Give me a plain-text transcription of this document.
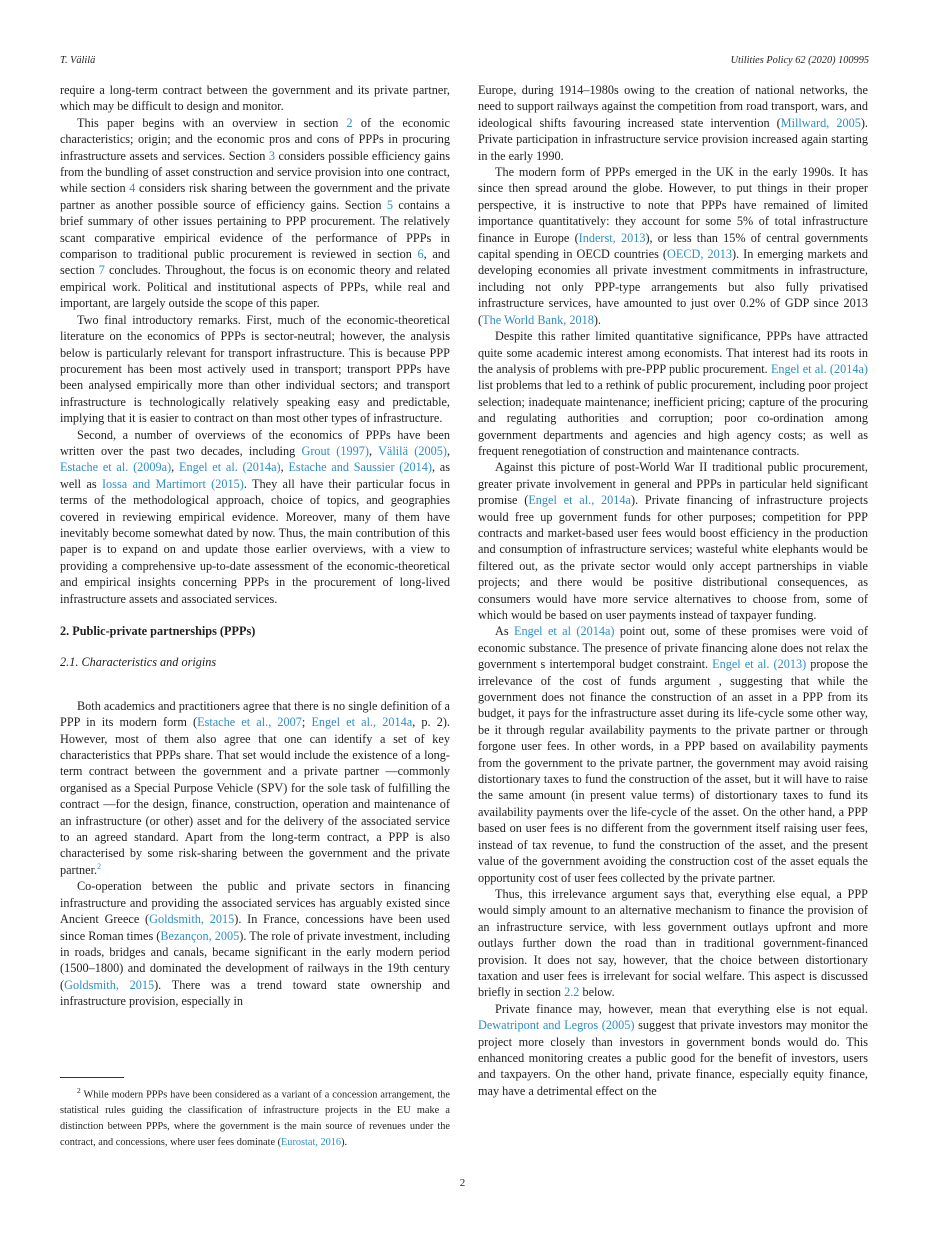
T. Välilä	Utilities Policy 62 (2020) 100995

require a long-term contract between the government and its private partner, which may be difficult to design and monitor.

This paper begins with an overview in section 2 of the economic characteristics; origin; and the economic pros and cons of PPPs in procuring infrastructure assets and services. Section 3 considers possible efficiency gains from the bundling of asset construction and service provision into one contract, while section 4 considers risk sharing between the government and the private partner as another possible source of efficiency gains. Section 5 contains a brief summary of other issues pertaining to PPP procurement. The relatively scant comparative empirical evidence of the performance of PPPs in comparison to traditional public procurement is reviewed in section 6, and section 7 concludes. Throughout, the focus is on economic theory and related empirical work. Political and institutional aspects of PPPs, while real and important, are largely outside the scope of this paper.

Two final introductory remarks. First, much of the economic-theoretical literature on the economics of PPPs is sector-neutral; however, the analysis below is particularly relevant for transport infrastructure. This is because PPP procurement has been most actively used in transport; transport PPPs have been analysed empirically more than other individual sectors; and transport infrastructure is technologically relatively speaking easy and predictable, implying that it is easier to contract on than most other types of infrastructure.

Second, a number of overviews of the economics of PPPs have been written over the past two decades, including Grout (1997), Välilä (2005), Estache et al. (2009a), Engel et al. (2014a), Estache and Saussier (2014), as well as Iossa and Martimort (2015). They all have their particular focus in terms of the methodological approach, choice of topics, and geographies covered in reviewing empirical evidence. Moreover, many of them have inevitably become somewhat dated by now. Thus, the main contribution of this paper is to expand on and update those earlier overviews, with a view to providing a comprehensive up-to-date assessment of the economic-theoretical and empirical insights concerning PPPs in the procurement of long-lived infrastructure assets and associated services.

2. Public-private partnerships (PPPs)
2.1. Characteristics and origins

Both academics and practitioners agree that there is no single definition of a PPP in its modern form (Estache et al., 2007; Engel et al., 2014a, p. 2). However, most of them also agree that one can identify a set of key characteristics that PPPs share. That set would include the existence of a long-term contract between the government and a private partner —commonly organised as a Special Purpose Vehicle (SPV) for the sole task of fulfilling the contract —for the design, finance, construction, operation and maintenance of an infrastructure (or other) asset and for the delivery of the associated service to an agreed standard. Apart from the long-term contract, a PPP is also characterised by some risk-sharing between the government and the private partner.$^2$

Co-operation between the public and private sectors in financing infrastructure and providing the associated services has arguably existed since Ancient Greece (Goldsmith, 2015). In France, concessions have been used since Roman times (Bezançon, 2005). The role of private investment, including in roads, bridges and canals, became significant in the early modern period (1500–1800) and dominated the development of railways in the 19th century (Goldsmith, 2015). There was a trend toward state ownership and infrastructure provision, especially in

Europe, during 1914–1980s owing to the creation of national networks, the need to support railways against the competition from road transport, wars, and ideological shifts favouring increased state intervention (Millward, 2005). Private participation in infrastructure service provision increased again starting in the early 1990.

The modern form of PPPs emerged in the UK in the early 1990s. It has since then spread around the globe. However, to put things in their proper perspective, it is instructive to note that PPPs have remained of limited importance quantitatively: they account for some 5% of total infrastructure finance in Europe (Inderst, 2013), or less than 15% of central governments capital spending in OECD countries (OECD, 2013). In emerging markets and developing economies all private investment commitments in infrastructure, including not only PPP-type arrangements but also fully privatised infrastructure services, have amounted to just over 0.2% of GDP since 2013 (The World Bank, 2018).

Despite this rather limited quantitative significance, PPPs have attracted quite some academic interest among economists. That interest had its roots in the analysis of problems with pre-PPP public procurement. Engel et al. (2014a) list problems that led to a rethink of public procurement, including poor project selection; inadequate maintenance; inefficient pricing; capture of the procuring and regulating authorities and corruption; poor co-ordination among government departments and agencies and high agency costs; as well as frequent renegotiation of construction and maintenance contracts.

Against this picture of post-World War II traditional public procurement, greater private involvement in general and PPPs in particular held significant promise (Engel et al., 2014a). Private financing of infrastructure projects would free up government funds for other purposes; competition for PPP contracts and market-based user fees would boost efficiency in the production and consumption of infrastructure services; wasteful white elephants would be filtered out, as the private sector would only accept partnerships in viable projects; and there would be positive distributional consequences, as consumers would have more service alternatives to choose from, some of which would be based on user payments instead of taxpayer funding.

As Engel et al (2014a) point out, some of these promises were void of economic substance. The presence of private financing alone does not relax the government s intertemporal budget constraint. Engel et al. (2013) propose the irrelevance of the cost of funds argument , suggesting that while the government does not finance the construction of an asset in a PPP from its budget, it pays for the infrastructure asset during its life-cycle some other way, be it through regular availability payments to the private partner or through forgone user fees. In other words, in a PPP based on availability payments from the government to the private partner, the government may avoid raising distortionary taxes to fund the construction of the asset, but it will have to raise the same amount (in present value terms) of distortionary taxes to fund its availability payments over the life-cycle of the asset. On the other hand, a PPP based on user fees is no different from the government itself raising user fees, instead of tax revenue, to fund the construction of the asset, and the present value of the government avoiding the construction cost of the asset equals the opportunity cost of user fees collected by the private partner.

Thus, this irrelevance argument says that, everything else equal, a PPP would simply amount to an alternative mechanism to finance the provision of an infrastructure service, with less government outlays upfront and more outlays further down the road than in traditional government-financed provision. It does not say, however, that the choice between distortionary taxation and user fees is irrelevant for social welfare. This aspect is discussed briefly in section 2.2 below.

Private finance may, however, mean that everything else is not equal. Dewatripont and Legros (2005) suggest that private investors may monitor the project more closely than investors in government bonds would do. This enhanced monitoring creates a public good for the benefit of investors, users and taxpayers. On the other hand, private finance, especially equity finance, may have a detrimental effect on the

$^2$ While modern PPPs have been considered as a variant of a concession arrangement, the statistical rules guiding the classification of infrastructure projects in the EU make a distinction between PPPs, where the government is the main source of revenues under the contract, and concessions, where user fees dominate (Eurostat, 2016).
2
